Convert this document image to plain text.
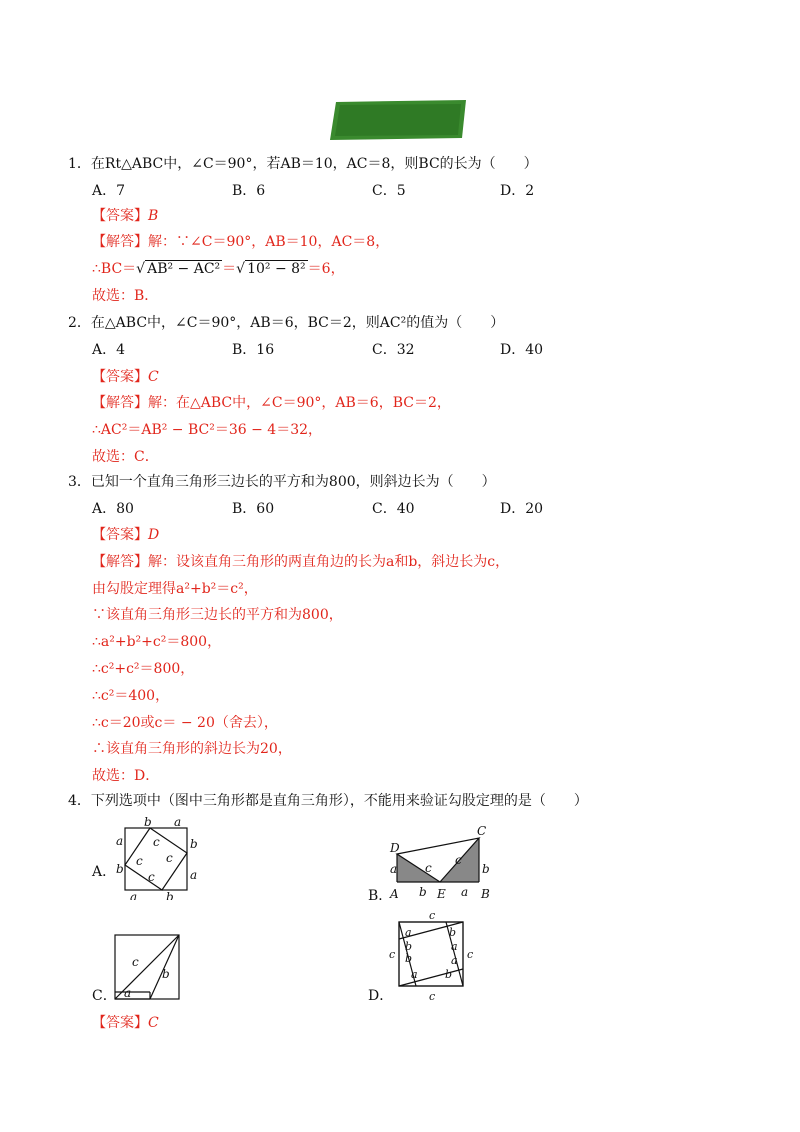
强化训练
1．在Rt△ABC中，∠C＝90°，若AB＝10，AC＝8，则BC的长为（　　）
A．7	B．6	C．5	D．2
【答案】B
【解答】解：∵∠C＝90°，AB＝10，AC＝8，
∴BC＝√ AB² − AC² ＝√ 10² − 8² ＝6，
故选：B．
2．在△ABC中，∠C＝90°，AB＝6，BC＝2，则AC²的值为（　　）
A．4	B．16	C．32	D．40
【答案】C
【解答】解：在△ABC中，∠C＝90°，AB＝6，BC＝2，
∴AC²＝AB² − BC²＝36 − 4＝32，
故选：C．
3．已知一个直角三角形三边长的平方和为800，则斜边长为（　　）
A．80	B．60	C．40	D．20
【答案】D
【解答】解：设该直角三角形的两直角边的长为a和b，斜边长为c，
由勾股定理得a²+b²＝c²，
∵该直角三角形三边长的平方和为800，
∴a²+b²+c²＝800，
∴c²+c²＝800，
∴c²＝400，
∴c＝20或c＝ − 20（舍去），
∴该直角三角形的斜边长为20，
故选：D．
4．下列选项中（图中三角形都是直角三角形），不能用来验证勾股定理的是（　　）
b a
a
b
b
a
a b
c
c
c
c
A．
D
C
a	b
c
c
b	a
A	E	B
B．
c
b
a
C．
c
c
c	c
a	b
b	a
b	a
a b
D．
【答案】C
